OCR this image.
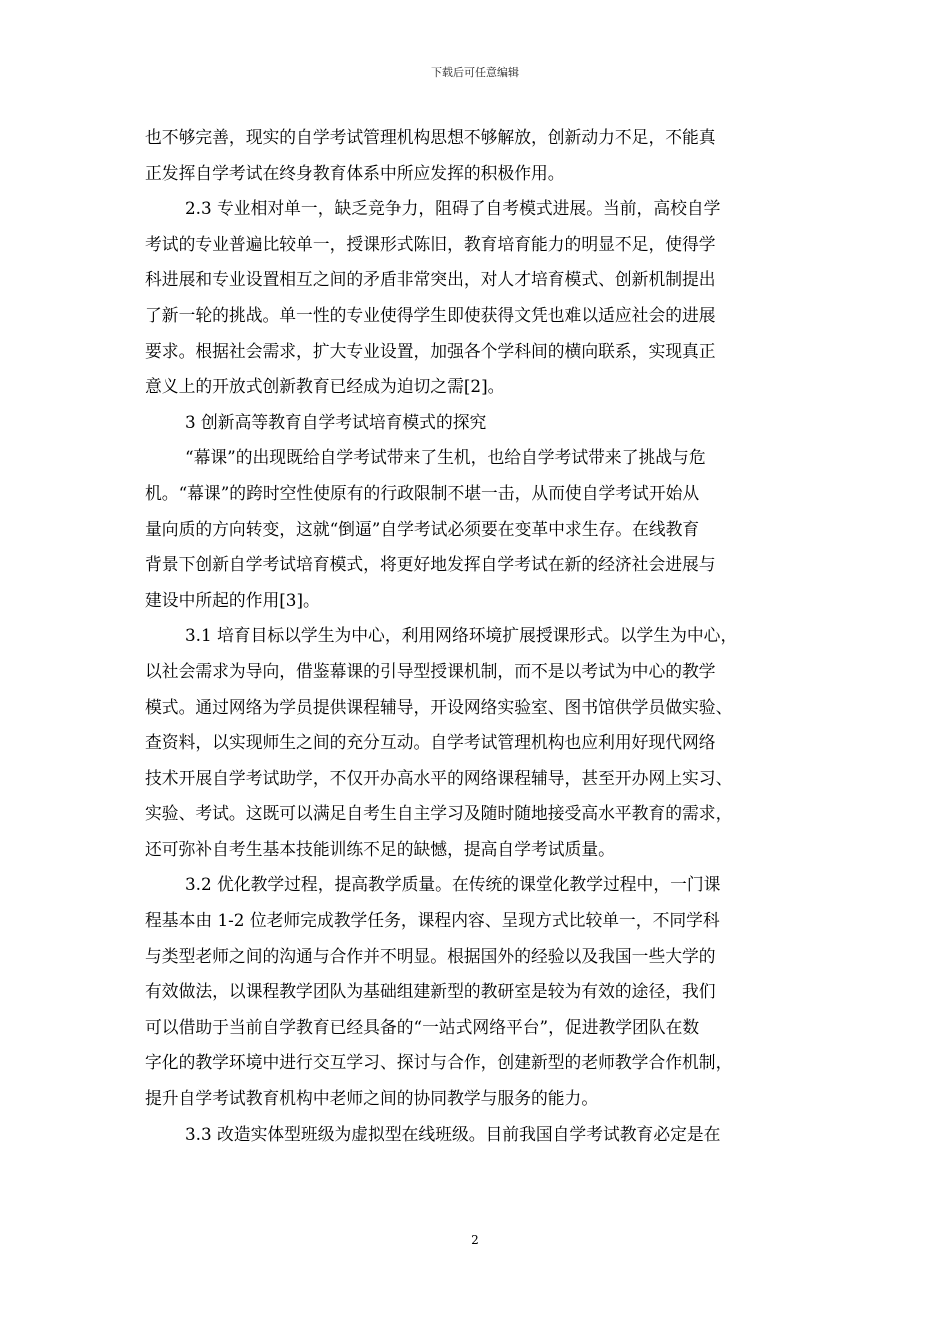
下载后可任意编辑
也不够完善，现实的自学考试管理机构思想不够解放，创新动力不足，不能真
正发挥自学考试在终身教育体系中所应发挥的积极作用。
2.3 专业相对单一，缺乏竞争力，阻碍了自考模式进展。当前，高校自学
考试的专业普遍比较单一，授课形式陈旧，教育培育能力的明显不足，使得学
科进展和专业设置相互之间的矛盾非常突出，对人才培育模式、创新机制提出
了新一轮的挑战。单一性的专业使得学生即使获得文凭也难以适应社会的进展
要求。根据社会需求，扩大专业设置，加强各个学科间的横向联系，实现真正
意义上的开放式创新教育已经成为迫切之需[2]。
3 创新高等教育自学考试培育模式的探究
“幕课”的出现既给自学考试带来了生机，也给自学考试带来了挑战与危
机。“幕课”的跨时空性使原有的行政限制不堪一击，从而使自学考试开始从
量向质的方向转变，这就“倒逼”自学考试必须要在变革中求生存。在线教育
背景下创新自学考试培育模式，将更好地发挥自学考试在新的经济社会进展与
建设中所起的作用[3]。
3.1 培育目标以学生为中心，利用网络环境扩展授课形式。以学生为中心，
以社会需求为导向，借鉴幕课的引导型授课机制，而不是以考试为中心的教学
模式。通过网络为学员提供课程辅导，开设网络实验室、图书馆供学员做实验、
查资料，以实现师生之间的充分互动。自学考试管理机构也应利用好现代网络
技术开展自学考试助学，不仅开办高水平的网络课程辅导，甚至开办网上实习、
实验、考试。这既可以满足自考生自主学习及随时随地接受高水平教育的需求，
还可弥补自考生基本技能训练不足的缺憾，提高自学考试质量。
3.2 优化教学过程，提高教学质量。在传统的课堂化教学过程中，一门课
程基本由 1-2 位老师完成教学任务，课程内容、呈现方式比较单一，不同学科
与类型老师之间的沟通与合作并不明显。根据国外的经验以及我国一些大学的
有效做法，以课程教学团队为基础组建新型的教研室是较为有效的途径，我们
可以借助于当前自学教育已经具备的“一站式网络平台”，促进教学团队在数
字化的教学环境中进行交互学习、探讨与合作，创建新型的老师教学合作机制，
提升自学考试教育机构中老师之间的协同教学与服务的能力。
3.3 改造实体型班级为虚拟型在线班级。目前我国自学考试教育必定是在
2
